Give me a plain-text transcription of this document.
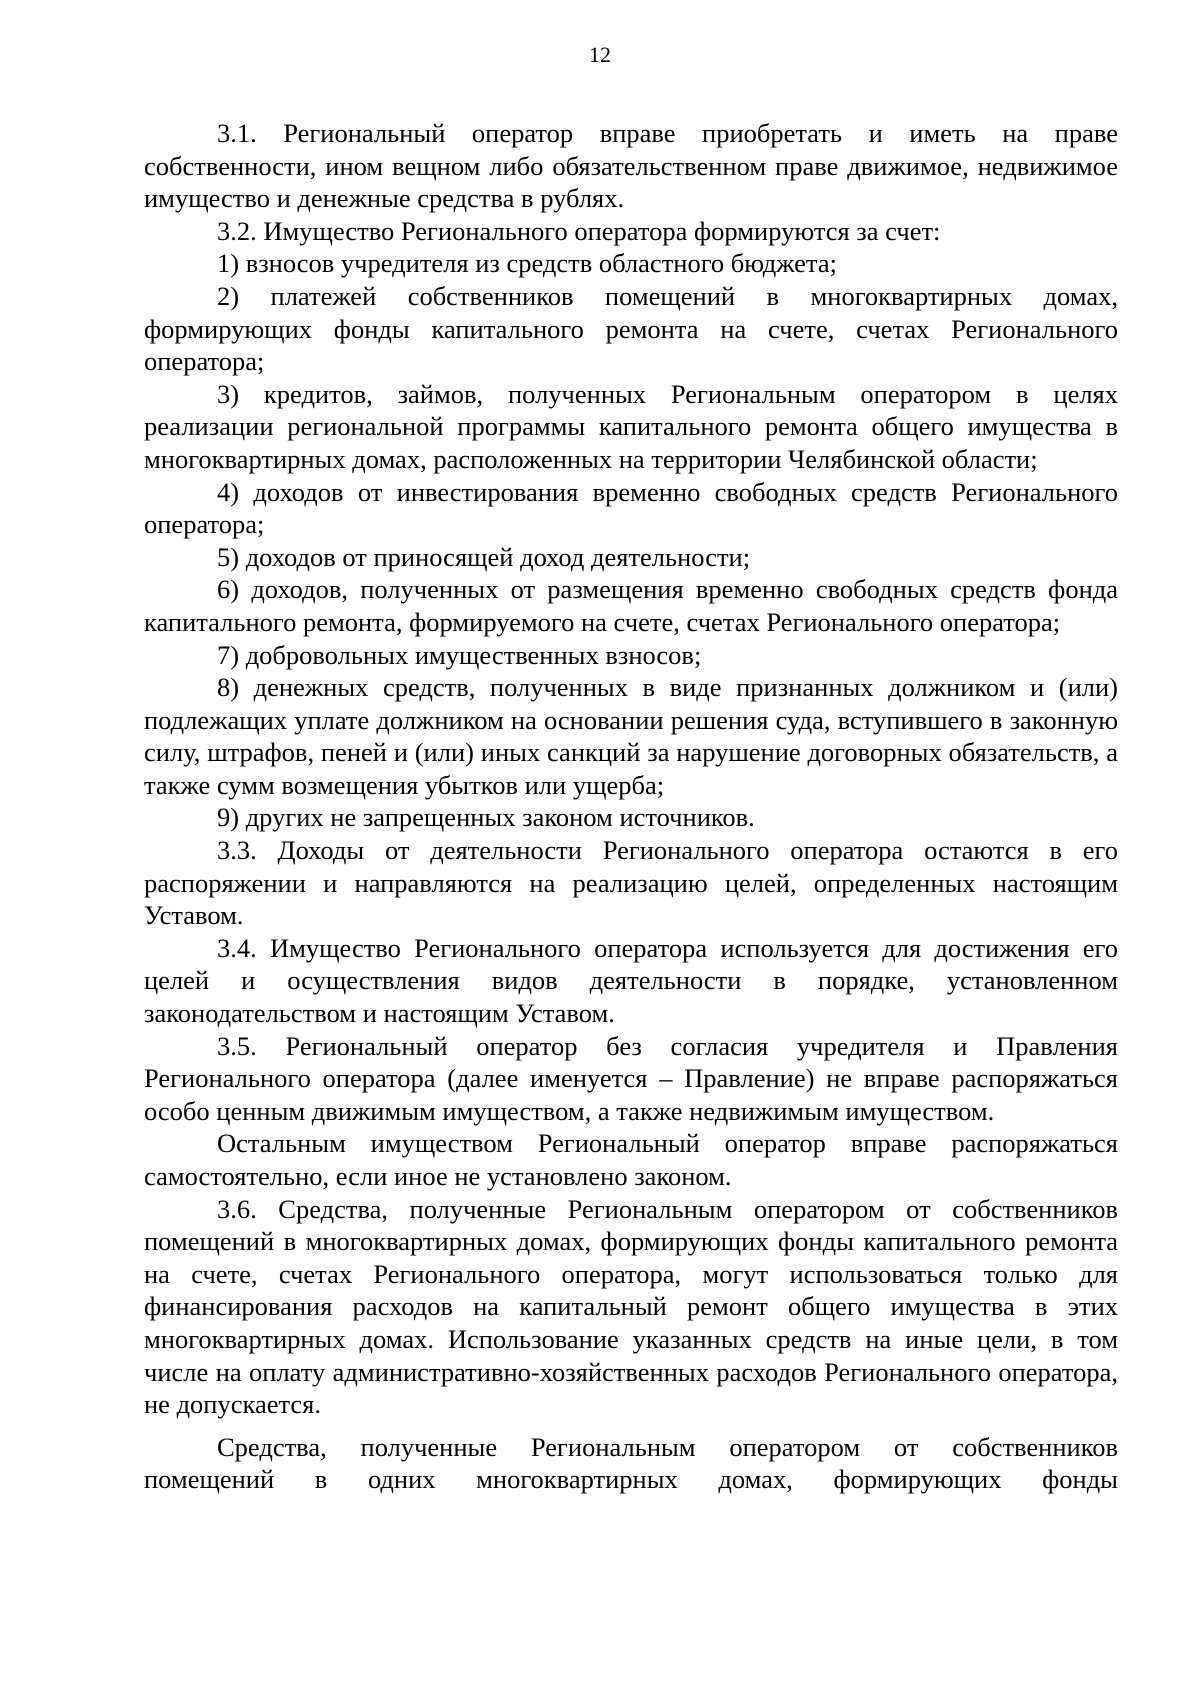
12

3.1. Региональный оператор вправе приобретать и иметь на праве собственности, ином вещном либо обязательственном праве движимое, недвижимое имущество и денежные средства в рублях.

3.2. Имущество Регионального оператора формируются за счет:

1) взносов учредителя из средств областного бюджета;

2) платежей собственников помещений в многоквартирных домах, формирующих фонды капитального ремонта на счете, счетах Регионального оператора;

3) кредитов, займов, полученных Региональным оператором в целях реализации региональной программы капитального ремонта общего имущества в многоквартирных домах, расположенных на территории Челябинской области;

4) доходов от инвестирования временно свободных средств Регионального оператора;

5) доходов от приносящей доход деятельности;

6) доходов, полученных от размещения временно свободных средств фонда капитального ремонта, формируемого на счете, счетах Регионального оператора;

7) добровольных имущественных взносов;

8) денежных средств, полученных в виде признанных должником и (или) подлежащих уплате должником на основании решения суда, вступившего в законную силу, штрафов, пеней и (или) иных санкций за нарушение договорных обязательств, а также сумм возмещения убытков или ущерба;

9) других не запрещенных законом источников.

3.3. Доходы от деятельности Регионального оператора остаются в его распоряжении и направляются на реализацию целей, определенных настоящим Уставом.

3.4. Имущество Регионального оператора используется для достижения его целей и осуществления видов деятельности в порядке, установленном законодательством и настоящим Уставом.

3.5. Региональный оператор без согласия учредителя и Правления Регионального оператора (далее именуется – Правление) не вправе распоряжаться особо ценным движимым имуществом, а также недвижимым имуществом.

Остальным имуществом Региональный оператор вправе распоряжаться самостоятельно, если иное не установлено законом.

3.6. Средства, полученные Региональным оператором от собственников помещений в многоквартирных домах, формирующих фонды капитального ремонта на счете, счетах Регионального оператора, могут использоваться только для финансирования расходов на капитальный ремонт общего имущества в этих многоквартирных домах. Использование указанных средств на иные цели, в том числе на оплату административно-хозяйственных расходов Регионального оператора, не допускается.

Средства, полученные Региональным оператором от собственников помещений в одних многоквартирных домах, формирующих фонды
